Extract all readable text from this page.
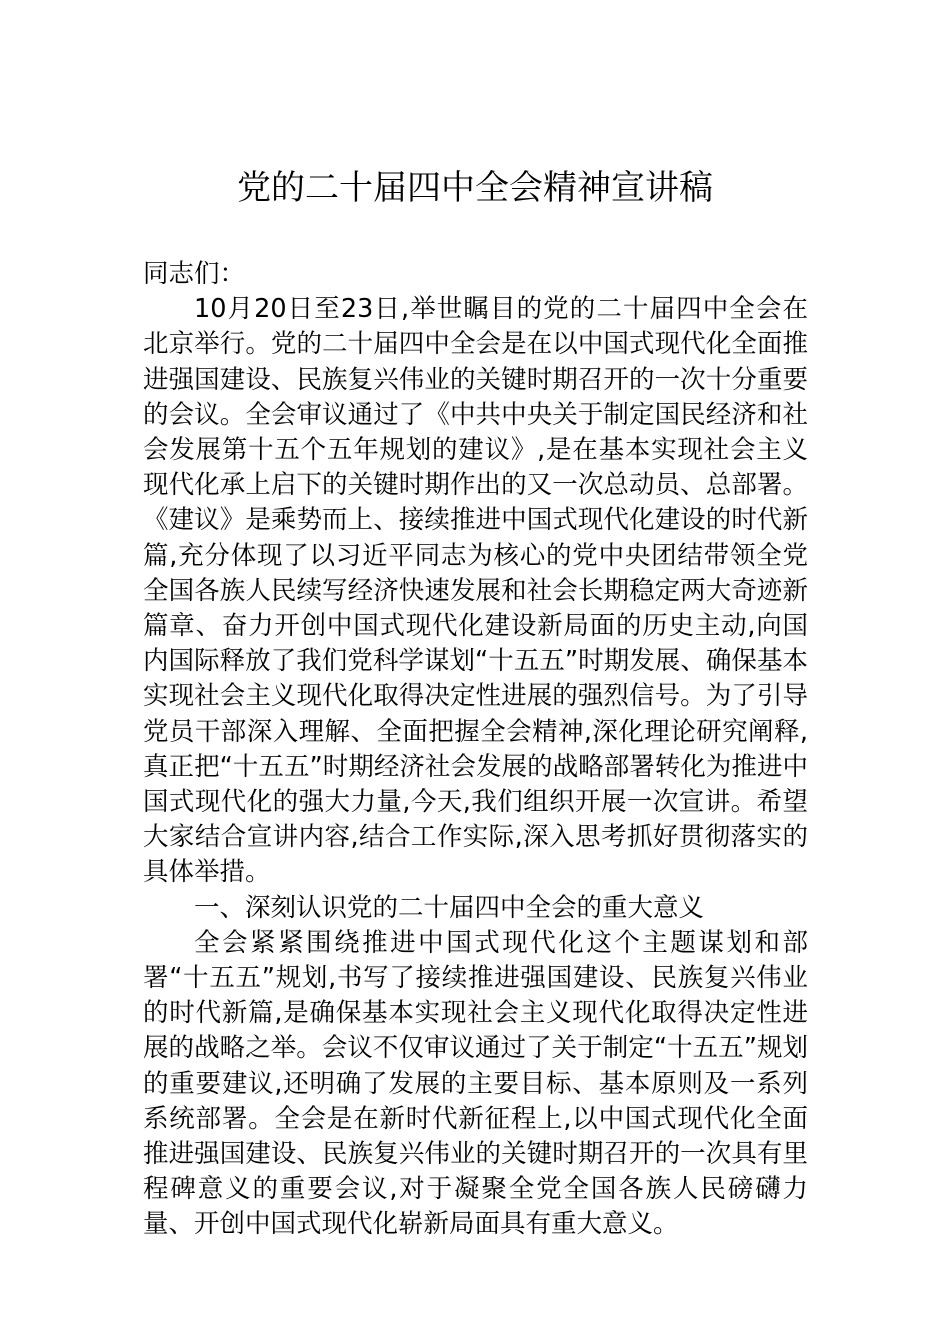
党的二十届四中全会精神宣讲稿

同志们：

10月20日至23日,举世瞩目的党的二十届四中全会在北京举行。党的二十届四中全会是在以中国式现代化全面推进强国建设、民族复兴伟业的关键时期召开的一次十分重要的会议。全会审议通过了《中共中央关于制定国民经济和社会发展第十五个五年规划的建议》,是在基本实现社会主义现代化承上启下的关键时期作出的又一次总动员、总部署。《建议》是乘势而上、接续推进中国式现代化建设的时代新篇,充分体现了以习近平同志为核心的党中央团结带领全党全国各族人民续写经济快速发展和社会长期稳定两大奇迹新篇章、奋力开创中国式现代化建设新局面的历史主动,向国内国际释放了我们党科学谋划“十五五”时期发展、确保基本实现社会主义现代化取得决定性进展的强烈信号。为了引导党员干部深入理解、全面把握全会精神,深化理论研究阐释,真正把“十五五”时期经济社会发展的战略部署转化为推进中国式现代化的强大力量,今天,我们组织开展一次宣讲。希望大家结合宣讲内容,结合工作实际,深入思考抓好贯彻落实的具体举措。

一、深刻认识党的二十届四中全会的重大意义

全会紧紧围绕推进中国式现代化这个主题谋划和部署“十五五”规划,书写了接续推进强国建设、民族复兴伟业的时代新篇,是确保基本实现社会主义现代化取得决定性进展的战略之举。会议不仅审议通过了关于制定“十五五”规划的重要建议,还明确了发展的主要目标、基本原则及一系列系统部署。全会是在新时代新征程上,以中国式现代化全面推进强国建设、民族复兴伟业的关键时期召开的一次具有里程碑意义的重要会议,对于凝聚全党全国各族人民磅礴力量、开创中国式现代化崭新局面具有重大意义。
